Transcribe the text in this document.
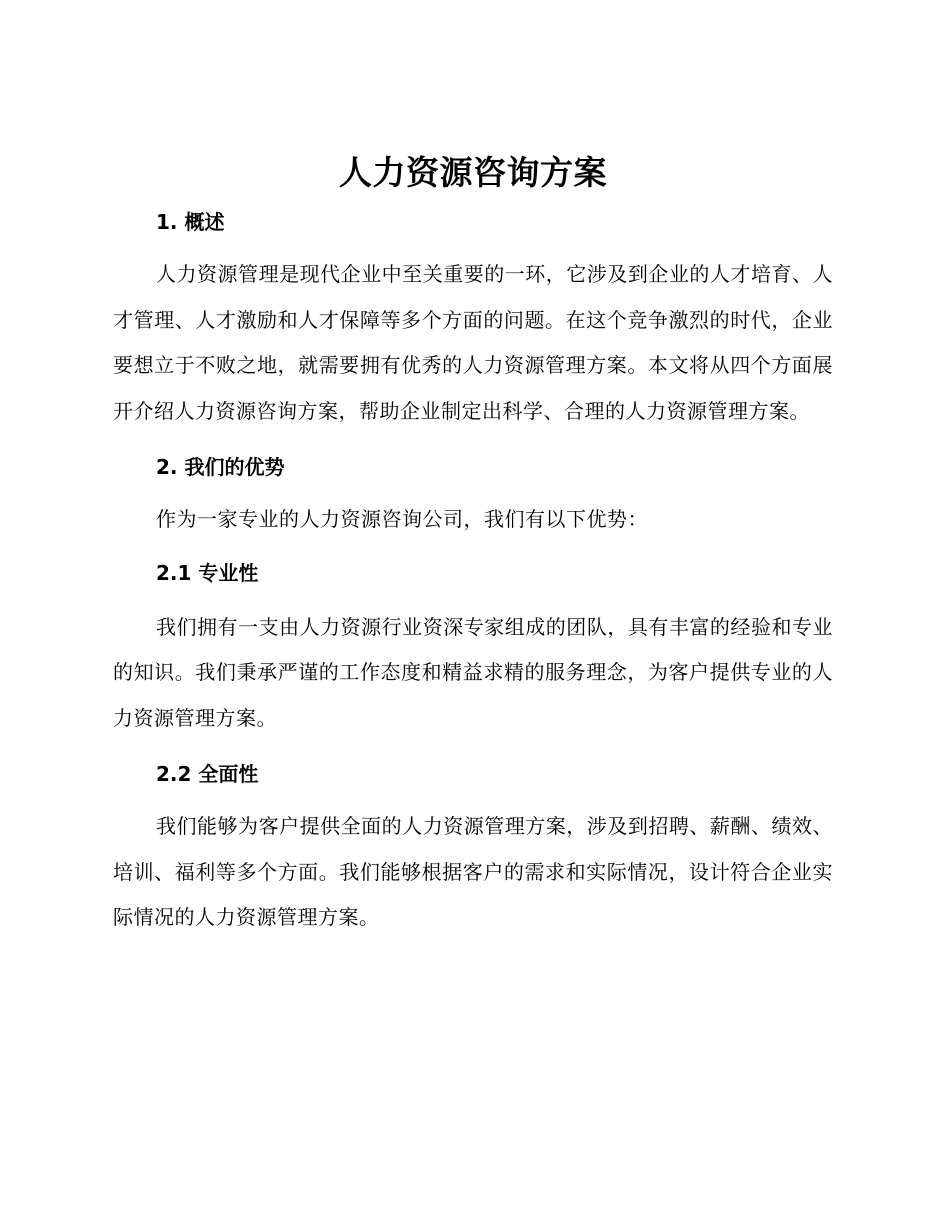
人力资源咨询方案
1. 概述

人力资源管理是现代企业中至关重要的一环，它涉及到企业的人才培育、人才管理、人才激励和人才保障等多个方面的问题。在这个竞争激烈的时代，企业要想立于不败之地，就需要拥有优秀的人力资源管理方案。本文将从四个方面展开介绍人力资源咨询方案，帮助企业制定出科学、合理的人力资源管理方案。

2. 我们的优势

作为一家专业的人力资源咨询公司，我们有以下优势：

2.1 专业性

我们拥有一支由人力资源行业资深专家组成的团队，具有丰富的经验和专业的知识。我们秉承严谨的工作态度和精益求精的服务理念，为客户提供专业的人力资源管理方案。

2.2 全面性

我们能够为客户提供全面的人力资源管理方案，涉及到招聘、薪酬、绩效、培训、福利等多个方面。我们能够根据客户的需求和实际情况，设计符合企业实际情况的人力资源管理方案。
